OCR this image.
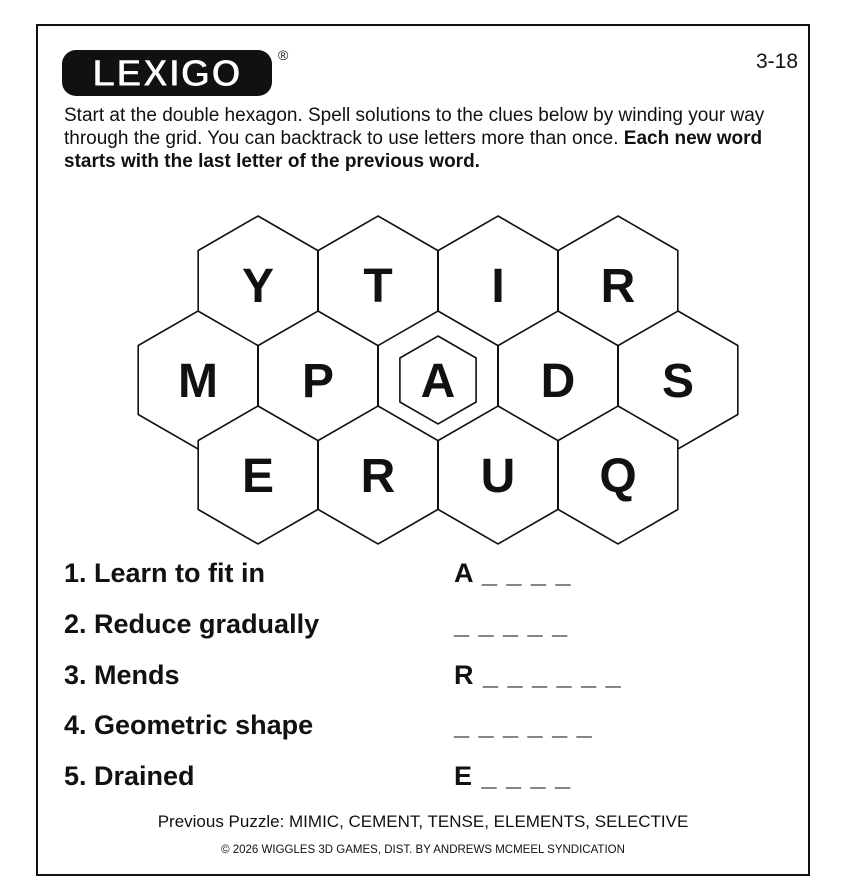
LEXIGO	®	3-18
Start at the double hexagon. Spell solutions to the clues below by winding your way through the grid. You can backtrack to use letters more than once. Each new word starts with the last letter of the previous word.
Y T I R
M P A D S
E R U Q
1. Learn to fit in	A _ _ _ _
2. Reduce gradually	_ _ _ _ _
3. Mends	R _ _ _ _ _ _
4. Geometric shape	_ _ _ _ _ _
5. Drained	E _ _ _ _
Previous Puzzle: MIMIC, CEMENT, TENSE, ELEMENTS, SELECTIVE
© 2026 WIGGLES 3D GAMES, DIST. BY ANDREWS MCMEEL SYNDICATION
